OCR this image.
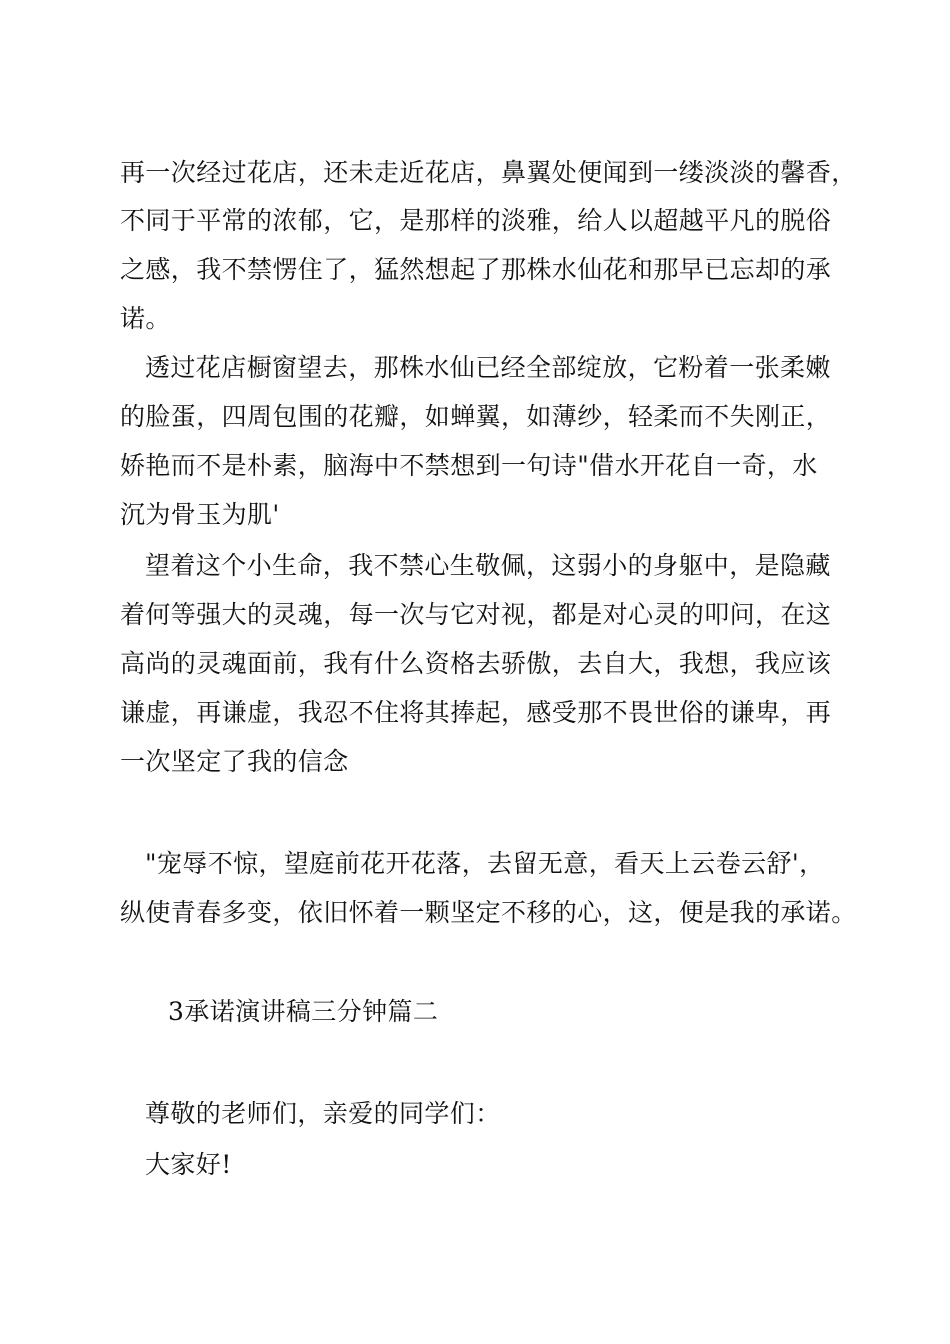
再一次经过花店，还未走近花店，鼻翼处便闻到一缕淡淡的馨香，
不同于平常的浓郁，它，是那样的淡雅，给人以超越平凡的脱俗
之感，我不禁愣住了，猛然想起了那株水仙花和那早已忘却的承
诺。
透过花店橱窗望去，那株水仙已经全部绽放，它粉着一张柔嫩
的脸蛋，四周包围的花瓣，如蝉翼，如薄纱，轻柔而不失刚正，
娇艳而不是朴素，脑海中不禁想到一句诗"借水开花自一奇，水
沉为骨玉为肌'
望着这个小生命，我不禁心生敬佩，这弱小的身躯中，是隐藏
着何等强大的灵魂，每一次与它对视，都是对心灵的叩问，在这
高尚的灵魂面前，我有什么资格去骄傲，去自大，我想，我应该
谦虚，再谦虚，我忍不住将其捧起，感受那不畏世俗的谦卑，再
一次坚定了我的信念
"宠辱不惊，望庭前花开花落，去留无意，看天上云卷云舒'，
纵使青春多变，依旧怀着一颗坚定不移的心，这，便是我的承诺。
3承诺演讲稿三分钟篇二
尊敬的老师们，亲爱的同学们：
大家好!
